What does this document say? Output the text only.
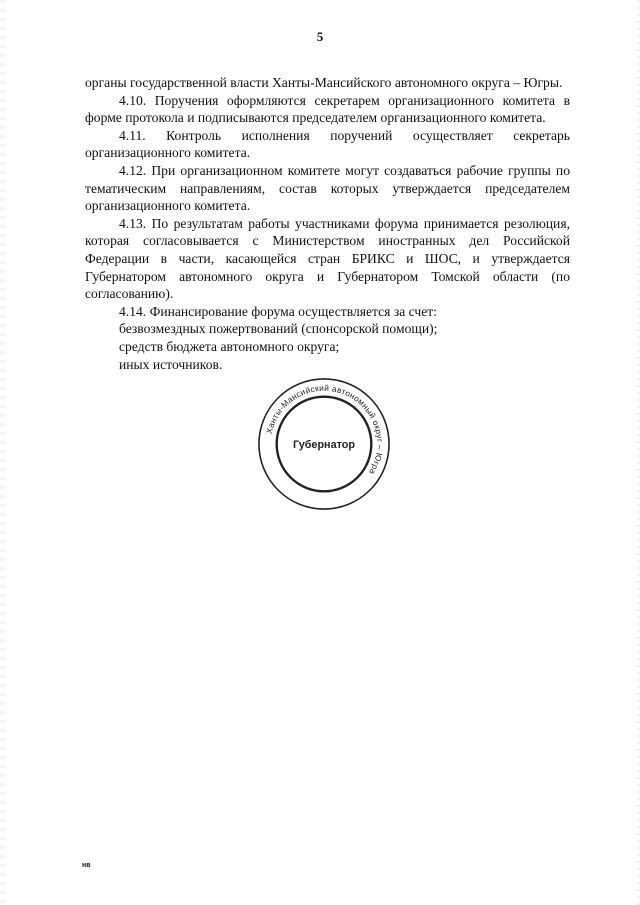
5

органы государственной власти Ханты-Мансийского автономного округа – Югры.

4.10. Поручения оформляются секретарем организационного комитета в форме протокола и подписываются председателем организационного комитета.

4.11. Контроль исполнения поручений осуществляет секретарь организационного комитета.

4.12. При организационном комитете могут создаваться рабочие группы по тематическим направлениям, состав которых утверждается председателем организационного комитета.

4.13. По результатам работы участниками форума принимается резолюция, которая согласовывается с Министерством иностранных дел Российской Федерации в части, касающейся стран БРИКС и ШОС, и утверждается Губернатором автономного округа и Губернатором Томской области (по согласованию).

4.14. Финансирование форума осуществляется за счет:

безвозмездных пожертвований (спонсорской помощи);

средств бюджета автономного округа;

иных источников.

Ханты-Мансийский автономный округ – Югра
Губернатор
нв
